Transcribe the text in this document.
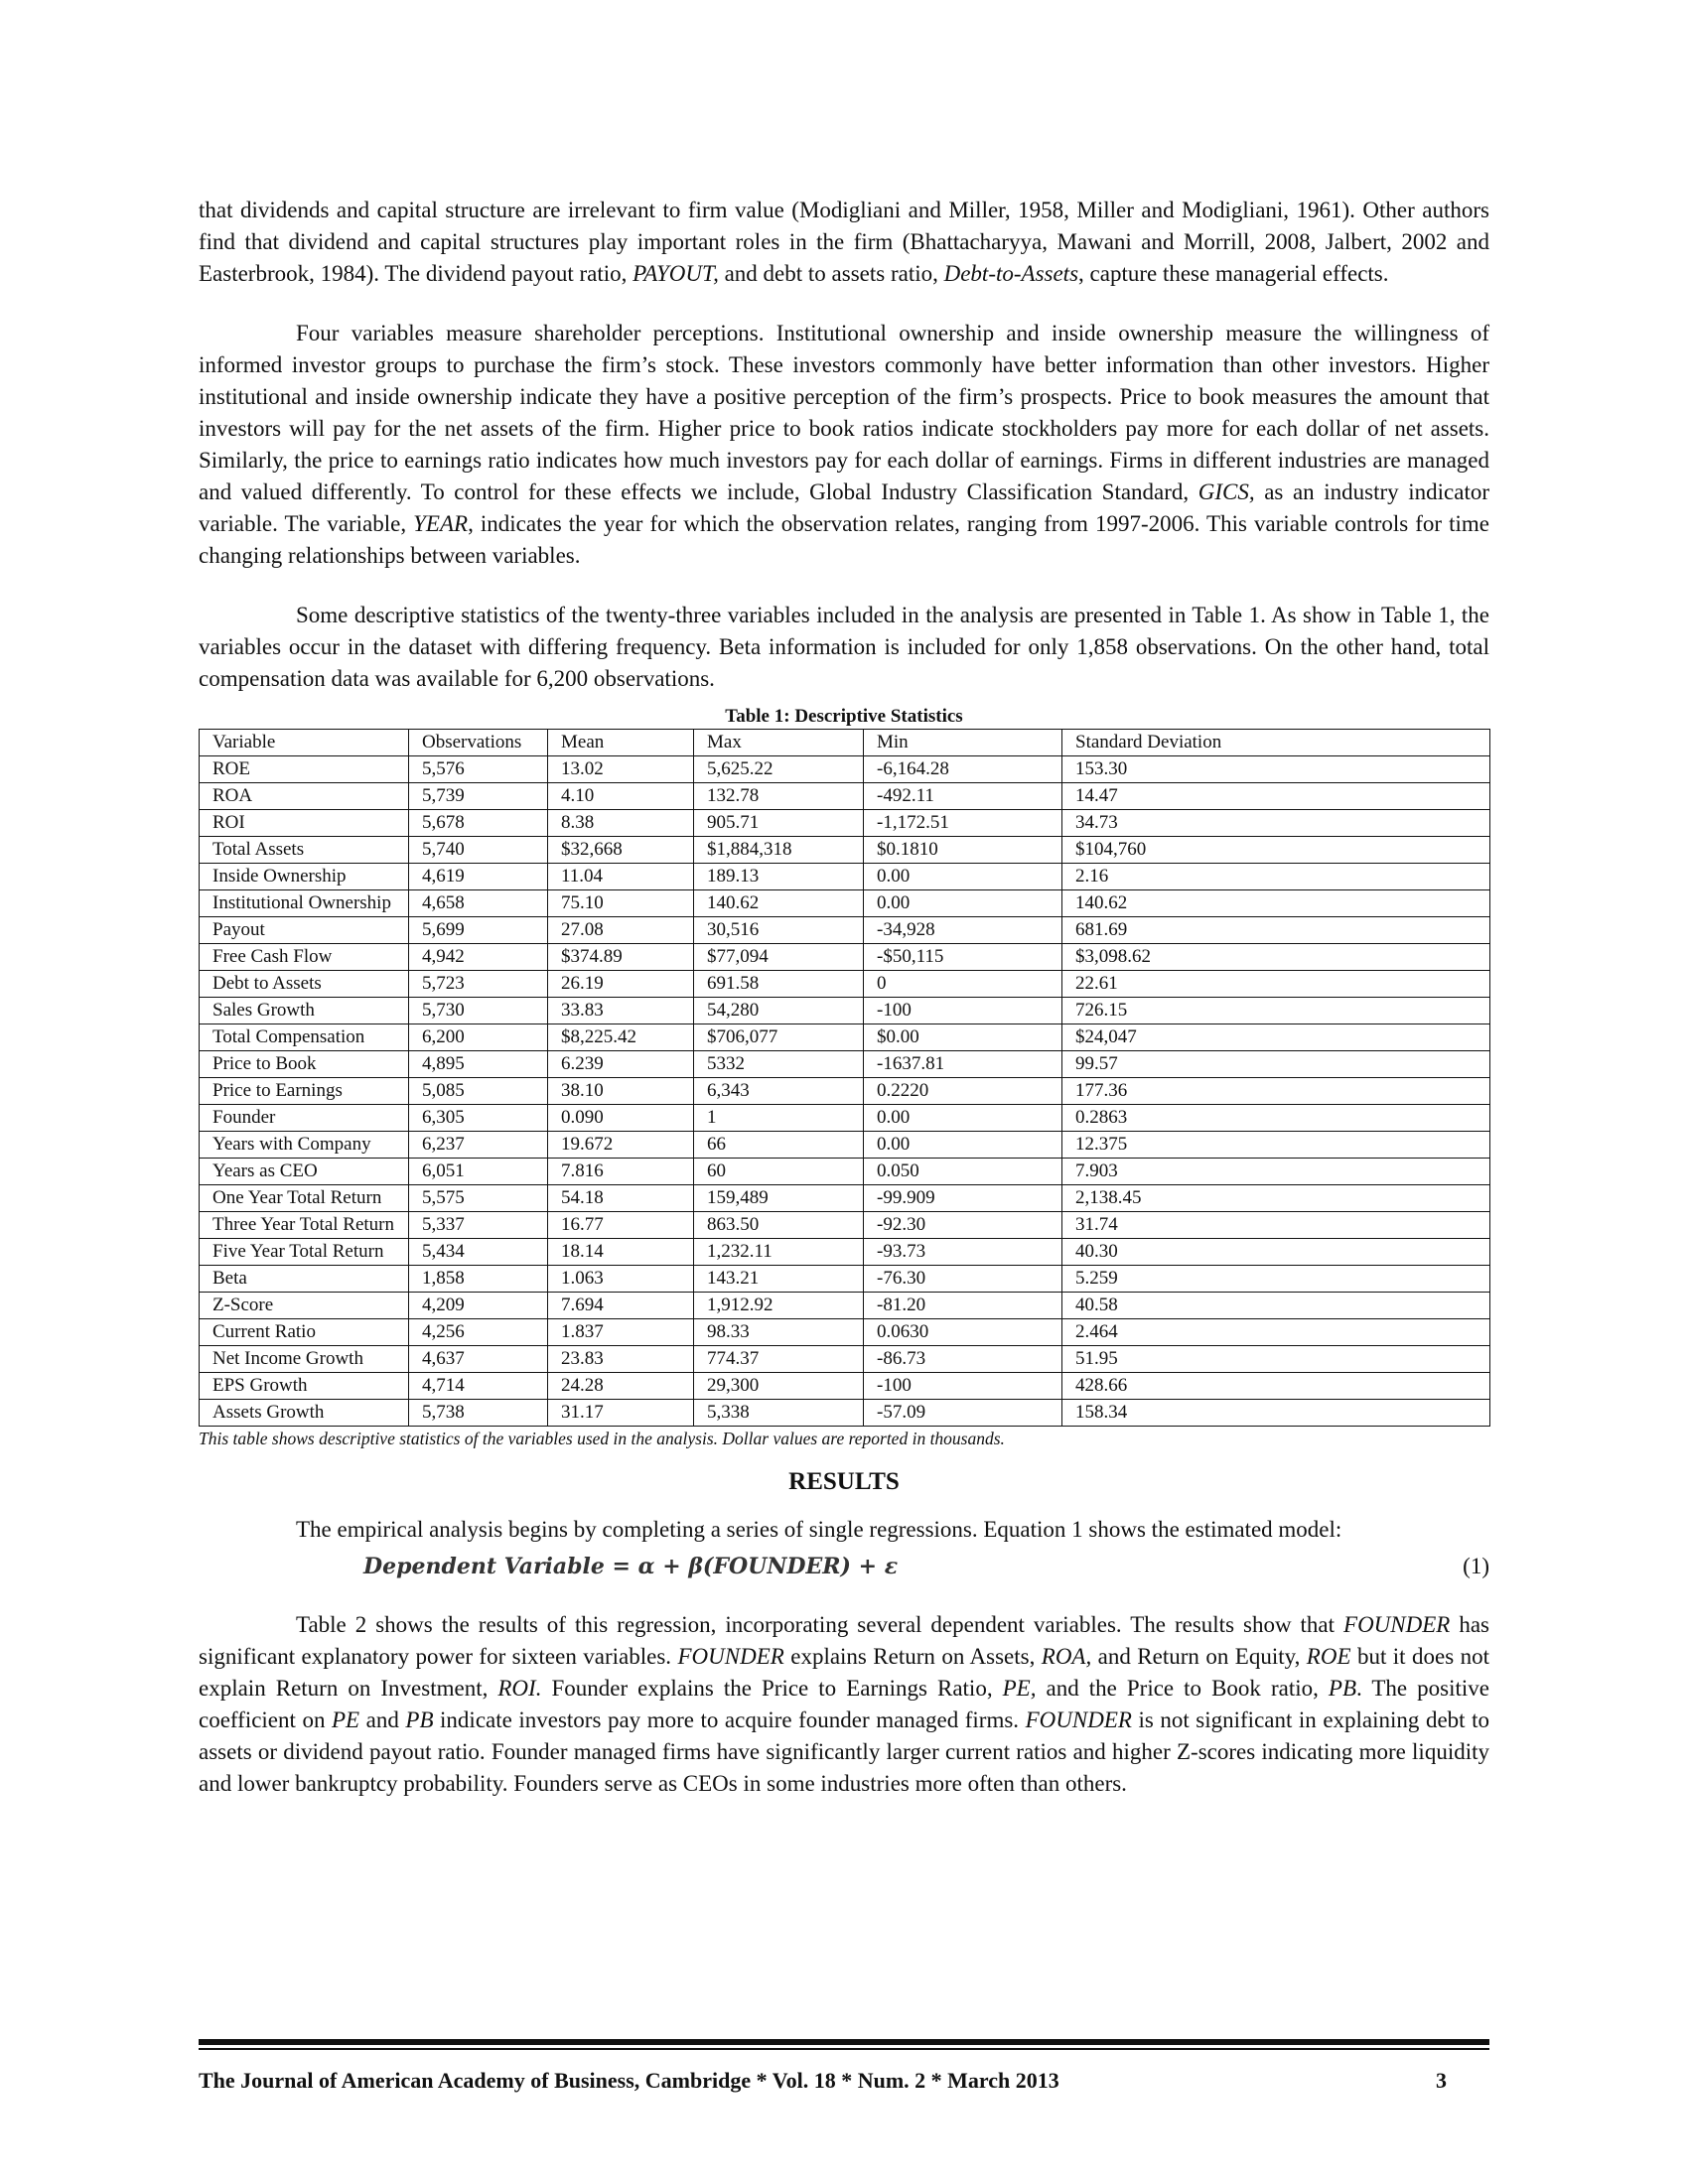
that dividends and capital structure are irrelevant to firm value (Modigliani and Miller, 1958, Miller and Modigliani, 1961). Other authors find that dividend and capital structures play important roles in the firm (Bhattacharyya, Mawani and Morrill, 2008, Jalbert, 2002 and Easterbrook, 1984). The dividend payout ratio, PAYOUT, and debt to assets ratio, Debt-to-Assets, capture these managerial effects.

Four variables measure shareholder perceptions. Institutional ownership and inside ownership measure the willingness of informed investor groups to purchase the firm’s stock. These investors commonly have better information than other investors. Higher institutional and inside ownership indicate they have a positive perception of the firm’s prospects. Price to book measures the amount that investors will pay for the net assets of the firm. Higher price to book ratios indicate stockholders pay more for each dollar of net assets. Similarly, the price to earnings ratio indicates how much investors pay for each dollar of earnings. Firms in different industries are managed and valued differently. To control for these effects we include, Global Industry Classification Standard, GICS, as an industry indicator variable. The variable, YEAR, indicates the year for which the observation relates, ranging from 1997-2006. This variable controls for time changing relationships between variables.

Some descriptive statistics of the twenty-three variables included in the analysis are presented in Table 1. As show in Table 1, the variables occur in the dataset with differing frequency. Beta information is included for only 1,858 observations. On the other hand, total compensation data was available for 6,200 observations.

Table 1: Descriptive Statistics
Variable	Observations	Mean	Max	Min	Standard Deviation
ROE	5,576	13.02	5,625.22	-6,164.28	153.30
ROA	5,739	4.10	132.78	-492.11	14.47
ROI	5,678	8.38	905.71	-1,172.51	34.73
Total Assets	5,740	$32,668	$1,884,318	$0.1810	$104,760
Inside Ownership	4,619	11.04	189.13	0.00	2.16
Institutional Ownership	4,658	75.10	140.62	0.00	140.62
Payout	5,699	27.08	30,516	-34,928	681.69
Free Cash Flow	4,942	$374.89	$77,094	-$50,115	$3,098.62
Debt to Assets	5,723	26.19	691.58	0	22.61
Sales Growth	5,730	33.83	54,280	-100	726.15
Total Compensation	6,200	$8,225.42	$706,077	$0.00	$24,047
Price to Book	4,895	6.239	5332	-1637.81	99.57
Price to Earnings	5,085	38.10	6,343	0.2220	177.36
Founder	6,305	0.090	1	0.00	0.2863
Years with Company	6,237	19.672	66	0.00	12.375
Years as CEO	6,051	7.816	60	0.050	7.903
One Year Total Return	5,575	54.18	159,489	-99.909	2,138.45
Three Year Total Return	5,337	16.77	863.50	-92.30	31.74
Five Year Total Return	5,434	18.14	1,232.11	-93.73	40.30
Beta	1,858	1.063	143.21	-76.30	5.259
Z-Score	4,209	7.694	1,912.92	-81.20	40.58
Current Ratio	4,256	1.837	98.33	0.0630	2.464
Net Income Growth	4,637	23.83	774.37	-86.73	51.95
EPS Growth	4,714	24.28	29,300	-100	428.66
Assets Growth	5,738	31.17	5,338	-57.09	158.34

This table shows descriptive statistics of the variables used in the analysis. Dollar values are reported in thousands.

RESULTS

The empirical analysis begins by completing a series of single regressions. Equation 1 shows the estimated model:

Dependent Variable = α + β(FOUNDER) + ε	(1)

Table 2 shows the results of this regression, incorporating several dependent variables. The results show that FOUNDER has significant explanatory power for sixteen variables. FOUNDER explains Return on Assets, ROA, and Return on Equity, ROE but it does not explain Return on Investment, ROI. Founder explains the Price to Earnings Ratio, PE, and the Price to Book ratio, PB. The positive coefficient on PE and PB indicate investors pay more to acquire founder managed firms. FOUNDER is not significant in explaining debt to assets or dividend payout ratio. Founder managed firms have significantly larger current ratios and higher Z-scores indicating more liquidity and lower bankruptcy probability. Founders serve as CEOs in some industries more often than others.

The Journal of American Academy of Business, Cambridge * Vol. 18 * Num. 2 * March 2013	3
